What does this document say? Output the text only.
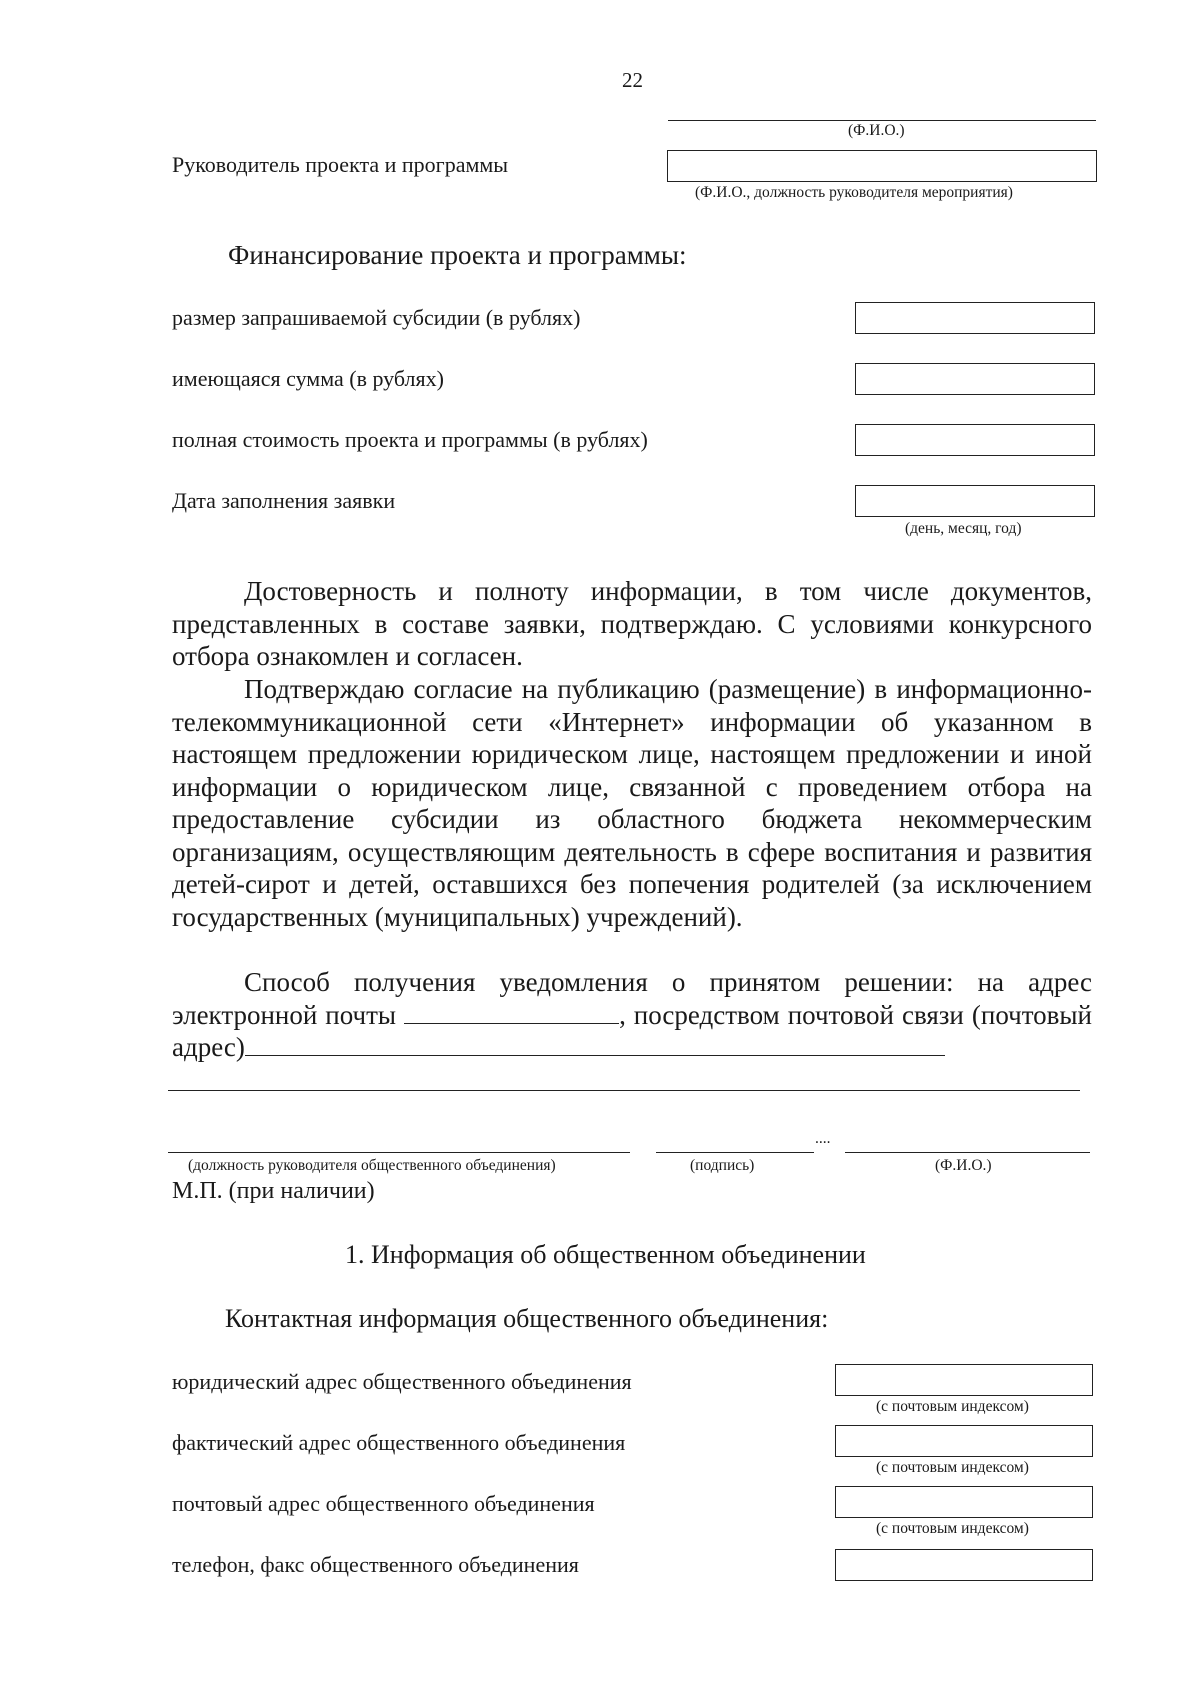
22
(Ф.И.О.)
Руководитель проекта и программы
(Ф.И.О., должность руководителя мероприятия)
Финансирование проекта и программы:
размер запрашиваемой субсидии (в рублях)
имеющаяся сумма (в рублях)
полная стоимость проекта и программы (в рублях)
Дата заполнения заявки
(день, месяц, год)

Достоверность и полноту информации, в том числе документов, представленных в составе заявки, подтверждаю. С условиями конкурсного отбора ознакомлен и согласен.

Подтверждаю согласие на публикацию (размещение) в информационно-телекоммуникационной сети «Интернет» информации об указанном в настоящем предложении юридическом лице, настоящем предложении и иной информации о юридическом лице, связанной с проведением отбора на предоставление субсидии из областного бюджета некоммерческим организациям, осуществляющим деятельность в сфере воспитания и развития детей-сирот и детей, оставшихся без попечения родителей (за исключением государственных (муниципальных) учреждений).

Способ получения уведомления о принятом решении: на адрес электронной почты	, посредством почтовой связи (почтовый адрес)

....
(должность руководителя общественного объединения)	(подпись)	(Ф.И.О.)
М.П. (при наличии)
1. Информация об общественном объединении
Контактная информация общественного объединения:
юридический адрес общественного объединения
(с почтовым индексом)
фактический адрес общественного объединения
(с почтовым индексом)
почтовый адрес общественного объединения
(с почтовым индексом)
телефон, факс общественного объединения
